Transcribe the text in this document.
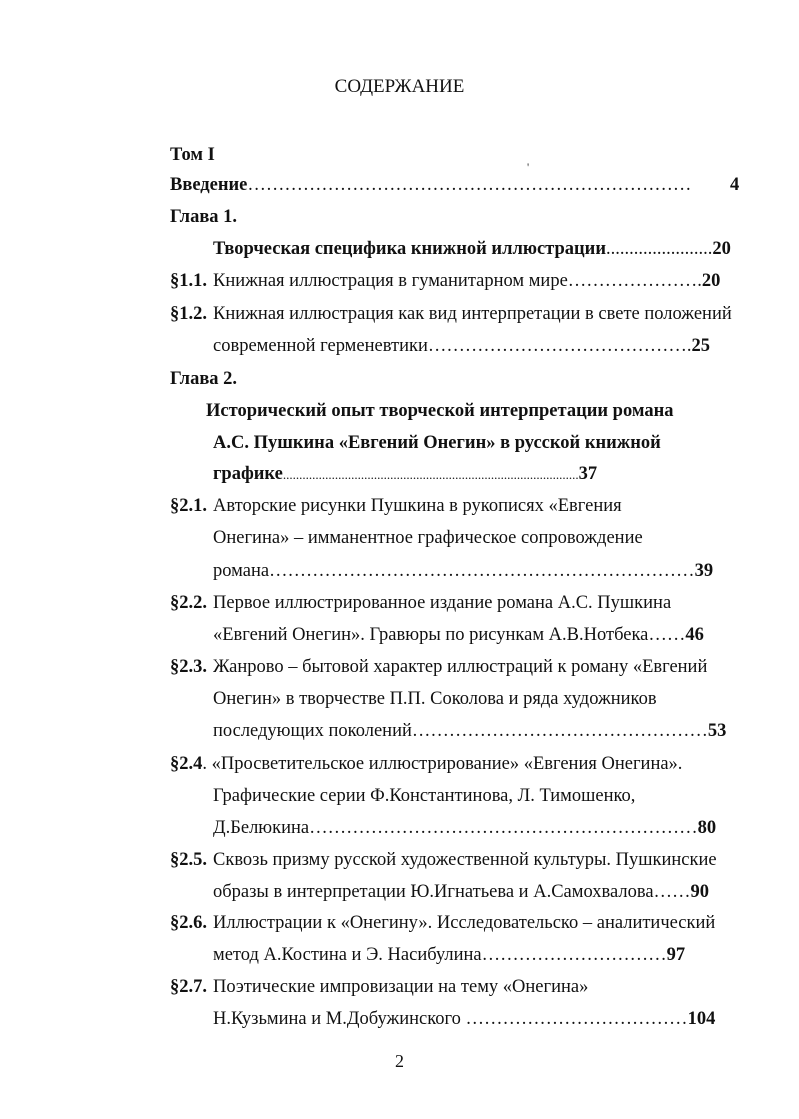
СОДЕРЖАНИЕ
'
Том I
Введение……………………………………………………………… 4
Глава 1.
Творческая специфика книжной иллюстрации.......................20
§1.1. Книжная иллюстрация в гуманитарном мире………………….20
§1.2. Книжная иллюстрация как вид интерпретации в свете положений
современной герменевтики…………………………………….25
Глава 2.
Исторический опыт творческой интерпретации романа
А.С. Пушкина «Евгений Онегин» в русской книжной
графике...........................................................................................37
§2.1. Авторские рисунки Пушкина в рукописях «Евгения
Онегина» – имманентное графическое сопровождение
романа……………………………………………………………39
§2.2. Первое иллюстрированное издание романа А.С. Пушкина
«Евгений Онегин». Гравюры по рисункам А.В.Нотбека……46
§2.3. Жанрово – бытовой характер иллюстраций к роману «Евгений
Онегин» в творчестве П.П. Соколова и ряда художников
последующих поколений…………………………………………53
§2.4. «Просветительское иллюстрирование» «Евгения Онегина».
Графические серии Ф.Константинова, Л. Тимошенко,
Д.Белюкина………………………………………………………80
§2.5. Сквозь призму русской художественной культуры. Пушкинские
образы в интерпретации Ю.Игнатьева и А.Самохвалова……90
§2.6. Иллюстрации к «Онегину». Исследовательско – аналитический
метод А.Костина и Э. Насибулина…………………………97
§2.7. Поэтические импровизации на тему «Онегина»
Н.Кузьмина и М.Добужинского ………………………………104
2
